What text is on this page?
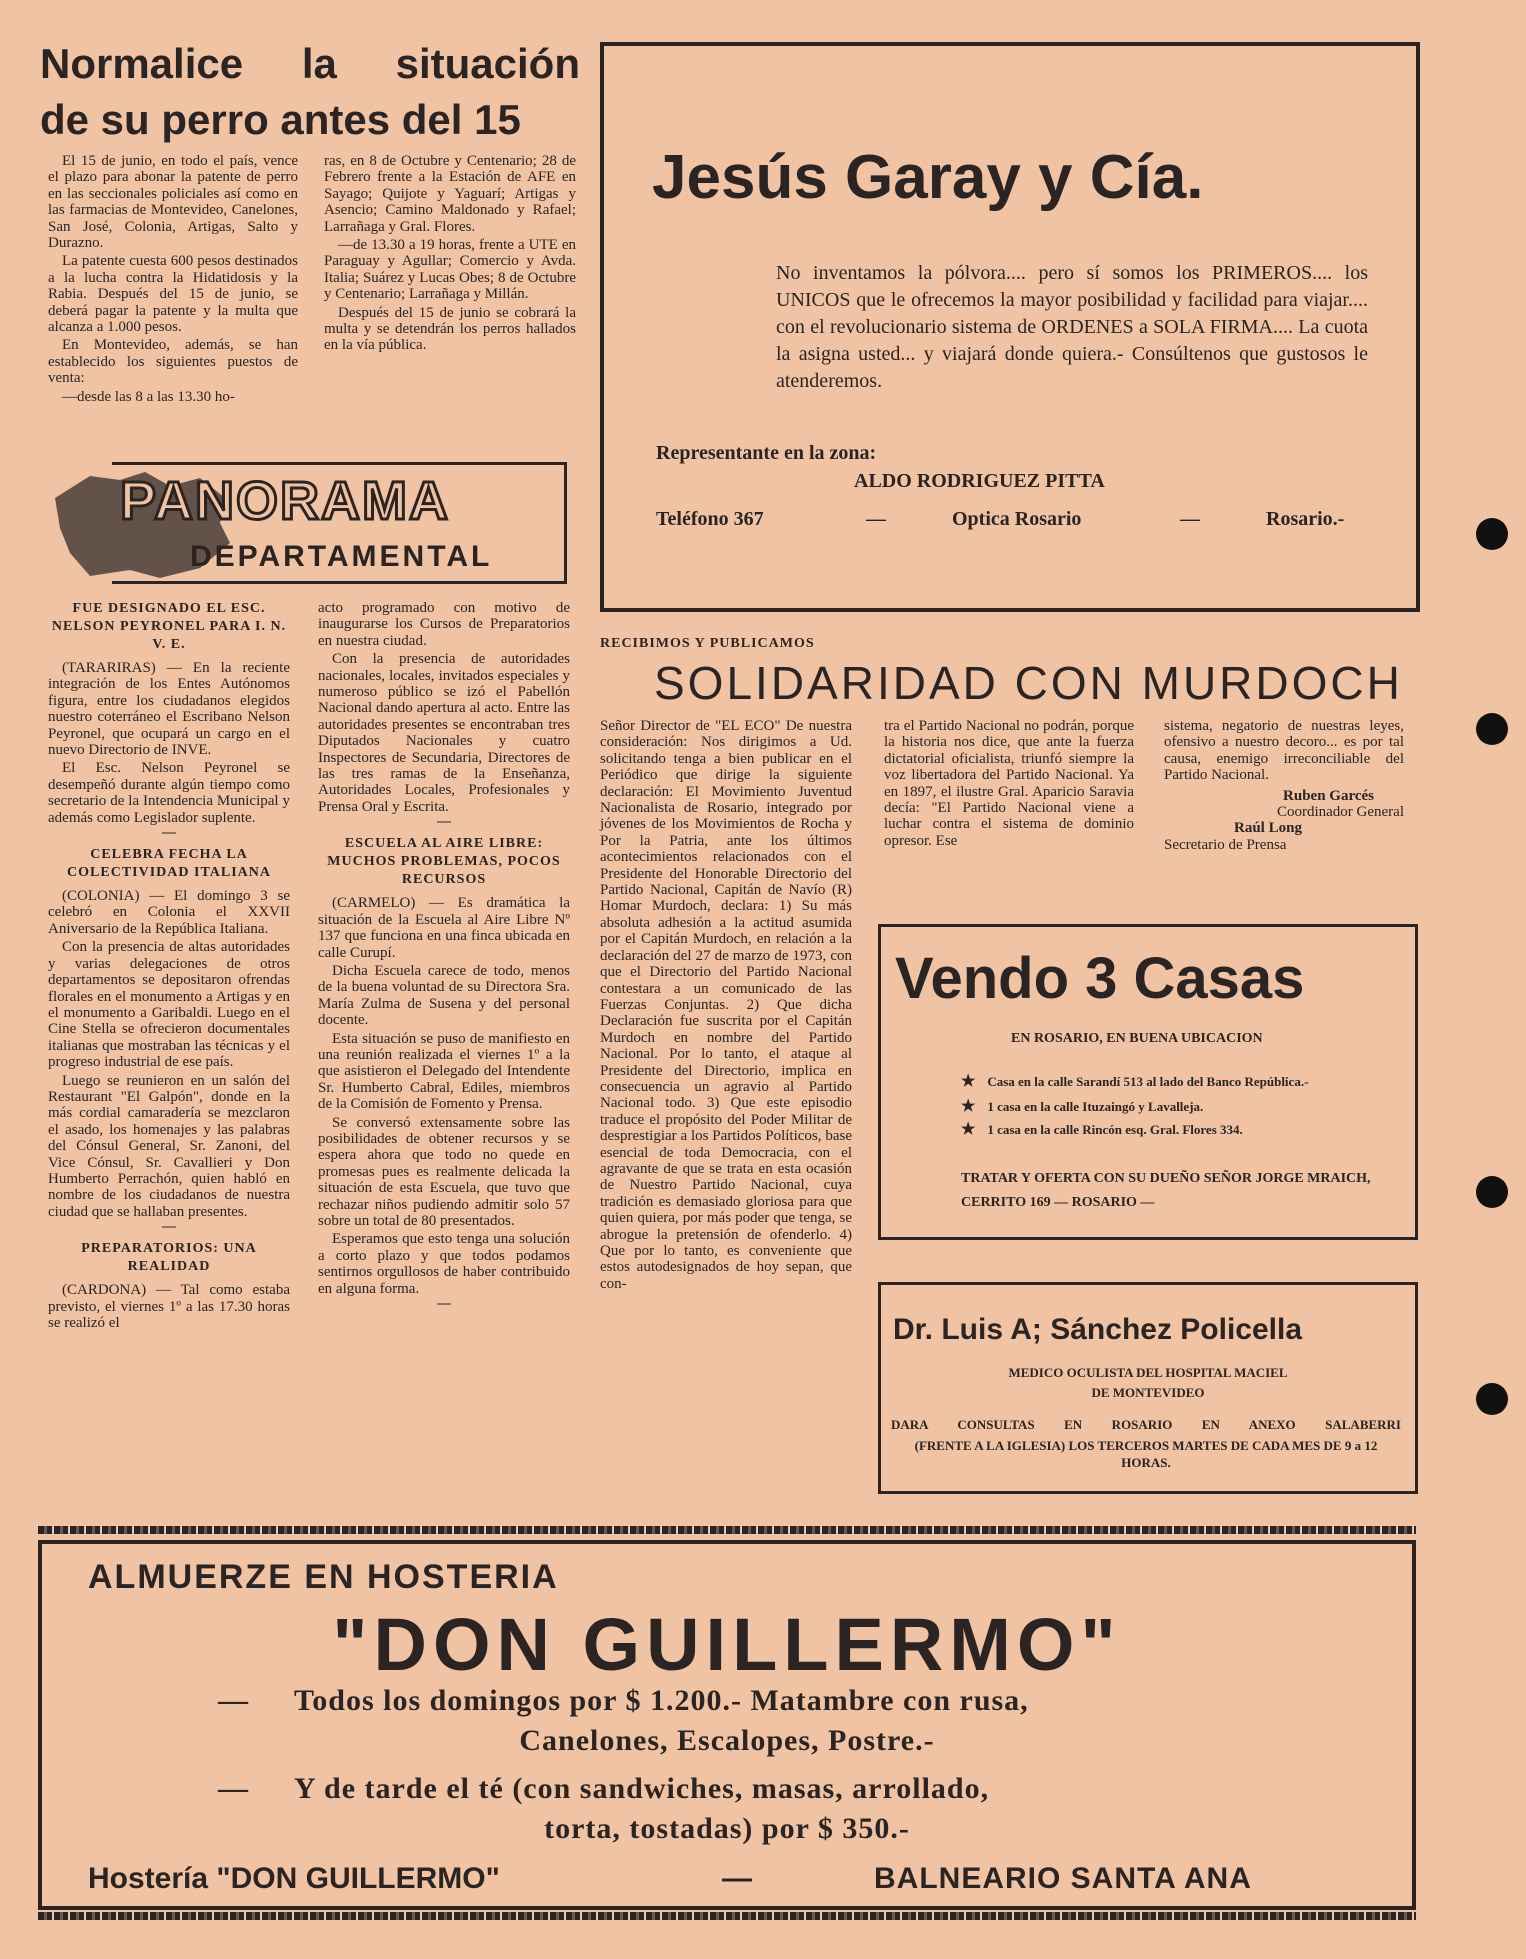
Normalice la situación
de su perro antes del 15

El 15 de junio, en todo el país, vence el plazo para abonar la patente de perro en las seccionales policiales así como en las farmacias de Montevideo, Canelones, San José, Colonia, Artigas, Salto y Durazno.

La patente cuesta 600 pesos destinados a la lucha contra la Hidatidosis y la Rabia. Después del 15 de junio, se deberá pagar la patente y la multa que alcanza a 1.000 pesos.

En Montevideo, además, se han establecido los siguientes puestos de venta:

—desde las 8 a las 13.30 ho-

ras, en 8 de Octubre y Centenario; 28 de Febrero frente a la Estación de AFE en Sayago; Quijote y Yaguarí; Artigas y Asencio; Camino Maldonado y Rafael; Larrañaga y Gral. Flores.

—de 13.30 a 19 horas, frente a UTE en Paraguay y Agullar; Comercio y Avda. Italia; Suárez y Lucas Obes; 8 de Octubre y Centenario; Larrañaga y Millán.

Después del 15 de junio se cobrará la multa y se detendrán los perros hallados en la vía pública.

PANORAMA
DEPARTAMENTAL
FUE DESIGNADO EL ESC. NELSON PEYRONEL PARA I. N. V. E.

(TARARIRAS) — En la reciente integración de los Entes Autónomos figura, entre los ciudadanos elegidos nuestro coterráneo el Escribano Nelson Peyronel, que ocupará un cargo en el nuevo Directorio de INVE.

El Esc. Nelson Peyronel se desempeñó durante algún tiempo como secretario de la Intendencia Municipal y además como Legislador suplente.

—
CELEBRA FECHA LA COLECTIVIDAD ITALIANA

(COLONIA) — El domingo 3 se celebró en Colonia el XXVII Aniversario de la República Italiana.

Con la presencia de altas autoridades y varias delegaciones de otros departamentos se depositaron ofrendas florales en el monumento a Artigas y en el monumento a Garibaldi. Luego en el Cine Stella se ofrecieron documentales italianas que mostraban las técnicas y el progreso industrial de ese país.

Luego se reunieron en un salón del Restaurant "El Galpón", donde en la más cordial camaradería se mezclaron el asado, los homenajes y las palabras del Cónsul General, Sr. Zanoni, del Vice Cónsul, Sr. Cavallieri y Don Humberto Perrachón, quien habló en nombre de los ciudadanos de nuestra ciudad que se hallaban presentes.

—
PREPARATORIOS: UNA REALIDAD

(CARDONA) — Tal como estaba previsto, el viernes 1º a las 17.30 horas se realizó el

acto programado con motivo de inaugurarse los Cursos de Preparatorios en nuestra ciudad.

Con la presencia de autoridades nacionales, locales, invitados especiales y numeroso público se izó el Pabellón Nacional dando apertura al acto. Entre las autoridades presentes se encontraban tres Diputados Nacionales y cuatro Inspectores de Secundaria, Directores de las tres ramas de la Enseñanza, Autoridades Locales, Profesionales y Prensa Oral y Escrita.

—
ESCUELA AL AIRE LIBRE: MUCHOS PROBLEMAS, POCOS RECURSOS

(CARMELO) — Es dramática la situación de la Escuela al Aire Libre Nº 137 que funciona en una finca ubicada en calle Curupí.

Dicha Escuela carece de todo, menos de la buena voluntad de su Directora Sra. María Zulma de Susena y del personal docente.

Esta situación se puso de manifiesto en una reunión realizada el viernes 1º a la que asistieron el Delegado del Intendente Sr. Humberto Cabral, Ediles, miembros de la Comisión de Fomento y Prensa.

Se conversó extensamente sobre las posibilidades de obtener recursos y se espera ahora que todo no quede en promesas pues es realmente delicada la situación de esta Escuela, que tuvo que rechazar niños pudiendo admitir solo 57 sobre un total de 80 presentados.

Esperamos que esto tenga una solución a corto plazo y que todos podamos sentirnos orgullosos de haber contribuido en alguna forma.

—
Jesús Garay y Cía.
No inventamos la pólvora.... pero sí somos los PRIMEROS.... los UNICOS que le ofrecemos la mayor posibilidad y facilidad para viajar.... con el revolucionario sistema de ORDENES a SOLA FIRMA.... La cuota la asigna usted... y viajará donde quiera.- Consúltenos que gustosos le atenderemos.
Representante en la zona:
ALDO RODRIGUEZ PITTA
Teléfono 367	—	Optica Rosario	—	Rosario.-
RECIBIMOS Y PUBLICAMOS
SOLIDARIDAD CON MURDOCH
Señor Director de "EL ECO" De nuestra consideración: Nos dirigimos a Ud. solicitando tenga a bien publicar en el Periódico que dirige la siguiente declaración: El Movimiento Juventud Nacionalista de Rosario, integrado por jóvenes de los Movimientos de Rocha y Por la Patria, ante los últimos acontecimientos relacionados con el Presidente del Honorable Directorio del Partido Nacional, Capitán de Navío (R) Homar Murdoch, declara: 1) Su más absoluta adhesión a la actitud asumida por el Capitán Murdoch, en relación a la declaración del 27 de marzo de 1973, con que el Directorio del Partido Nacional contestara a un comunicado de las Fuerzas Conjuntas. 2) Que dicha Declaración fue suscrita por el Capitán Murdoch en nombre del Partido Nacional. Por lo tanto, el ataque al Presidente del Directorio, implica en consecuencia un agravio al Partido Nacional todo. 3) Que este episodio traduce el propósito del Poder Militar de desprestigiar a los Partidos Políticos, base esencial de toda Democracia, con el agravante de que se trata en esta ocasión de Nuestro Partido Nacional, cuya tradición es demasiado gloriosa para que quien quiera, por más poder que tenga, se abrogue la pretensión de ofenderlo. 4) Que por lo tanto, es conveniente que estos autodesignados de hoy sepan, que con-
tra el Partido Nacional no podrán, porque la historia nos dice, que ante la fuerza dictatorial oficialista, triunfó siempre la voz libertadora del Partido Nacional. Ya en 1897, el ilustre Gral. Aparicio Saravia decía: "El Partido Nacional viene a luchar contra el sistema de dominio opresor. Ese
sistema, negatorio de nuestras leyes, ofensivo a nuestro decoro... es por tal causa, enemigo irreconciliable del Partido Nacional.
Ruben Garcés
Coordinador General
Raúl Long
Secretario de Prensa
Vendo 3 Casas
EN ROSARIO, EN BUENA UBICACION
★ Casa en la calle Sarandí 513 al lado del Banco República.-
★ 1 casa en la calle Ituzaingó y Lavalleja.
★ 1 casa en la calle Rincón esq. Gral. Flores 334.
TRATAR Y OFERTA CON SU DUEÑO SEÑOR JORGE MRAICH, CERRITO 169 — ROSARIO —
Dr. Luis A; Sánchez Policella
MEDICO OCULISTA DEL HOSPITAL MACIEL
DE MONTEVIDEO
DARA CONSULTAS EN ROSARIO EN ANEXO SALABERRI
(FRENTE A LA IGLESIA) LOS TERCEROS MARTES DE CADA MES DE 9 a 12 HORAS.
ALMUERZE EN HOSTERIA
"DON GUILLERMO"
— Todos los domingos por $ 1.200.- Matambre con rusa,
Canelones, Escalopes, Postre.-
— Y de tarde el té (con sandwiches, masas, arrollado,
torta, tostadas) por $ 350.-
Hostería "DON GUILLERMO"	—	BALNEARIO SANTA ANA
